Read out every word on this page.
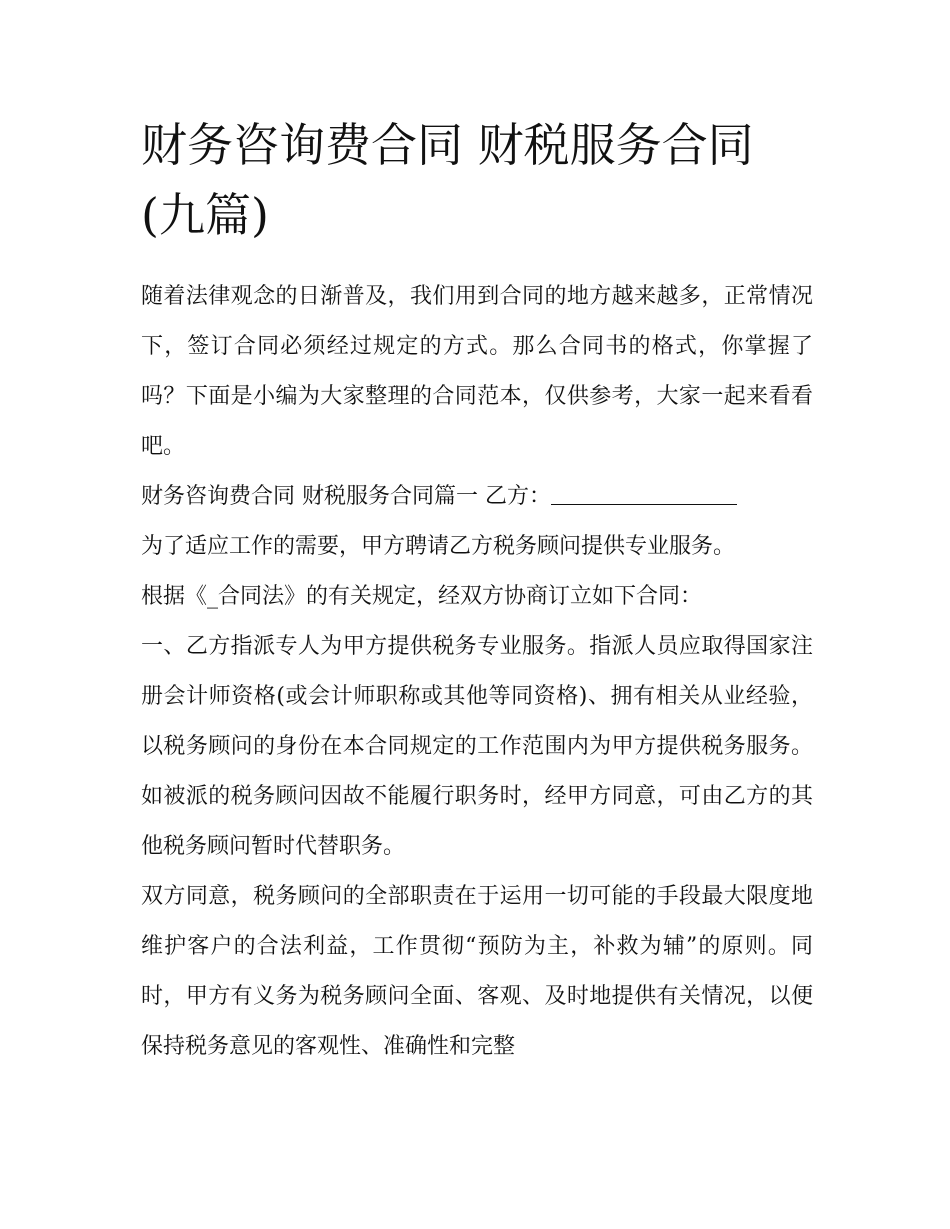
财务咨询费合同 财税服务合同(九篇)

随着法律观念的日渐普及，我们用到合同的地方越来越多，正常情况下，签订合同必须经过规定的方式。那么合同书的格式，你掌握了吗？下面是小编为大家整理的合同范本，仅供参考，大家一起来看看吧。

财务咨询费合同 财税服务合同篇一 乙方：

为了适应工作的需要，甲方聘请乙方税务顾问提供专业服务。

根据《_合同法》的有关规定，经双方协商订立如下合同：

一、乙方指派专人为甲方提供税务专业服务。指派人员应取得国家注册会计师资格(或会计师职称或其他等同资格)、拥有相关从业经验，以税务顾问的身份在本合同规定的工作范围内为甲方提供税务服务。如被派的税务顾问因故不能履行职务时，经甲方同意，可由乙方的其他税务顾问暂时代替职务。

双方同意，税务顾问的全部职责在于运用一切可能的手段最大限度地维护客户的合法利益，工作贯彻“预防为主，补救为辅”的原则。同时，甲方有义务为税务顾问全面、客观、及时地提供有关情况，以便保持税务意见的客观性、准确性和完整
